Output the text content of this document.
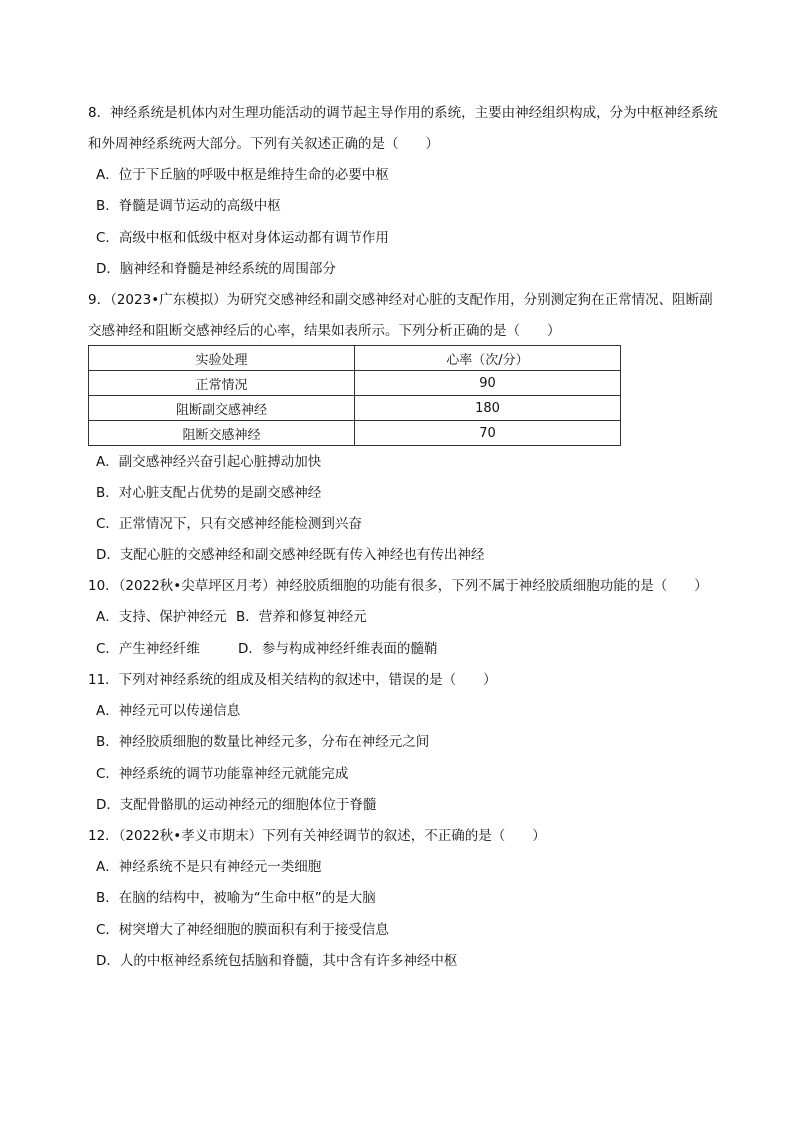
8．神经系统是机体内对生理功能活动的调节起主导作用的系统，主要由神经组织构成，分为中枢神经系统
和外周神经系统两大部分。下列有关叙述正确的是（　　）
A．位于下丘脑的呼吸中枢是维持生命的必要中枢
B．脊髓是调节运动的高级中枢
C．高级中枢和低级中枢对身体运动都有调节作用
D．脑神经和脊髓是神经系统的周围部分
9．（2023•广东模拟）为研究交感神经和副交感神经对心脏的支配作用，分别测定狗在正常情况、阻断副
交感神经和阻断交感神经后的心率，结果如表所示。下列分析正确的是（　　）
实验处理	心率（次/分）
正常情况	90
阻断副交感神经	180
阻断交感神经	70
A．副交感神经兴奋引起心脏搏动加快
B．对心脏支配占优势的是副交感神经
C．正常情况下，只有交感神经能检测到兴奋
D．支配心脏的交感神经和副交感神经既有传入神经也有传出神经
10．（2022秋•尖草坪区月考）神经胶质细胞的功能有很多，下列不属于神经胶质细胞功能的是（　　）
A．支持、保护神经元 B．营养和修复神经元
C．产生神经纤维	D．参与构成神经纤维表面的髓鞘
11．下列对神经系统的组成及相关结构的叙述中，错误的是（　　）
A．神经元可以传递信息
B．神经胶质细胞的数量比神经元多，分布在神经元之间
C．神经系统的调节功能靠神经元就能完成
D．支配骨骼肌的运动神经元的细胞体位于脊髓
12．（2022秋•孝义市期末）下列有关神经调节的叙述，不正确的是（　　）
A．神经系统不是只有神经元一类细胞
B．在脑的结构中，被喻为“生命中枢”的是大脑
C．树突增大了神经细胞的膜面积有利于接受信息
D．人的中枢神经系统包括脑和脊髓，其中含有许多神经中枢
